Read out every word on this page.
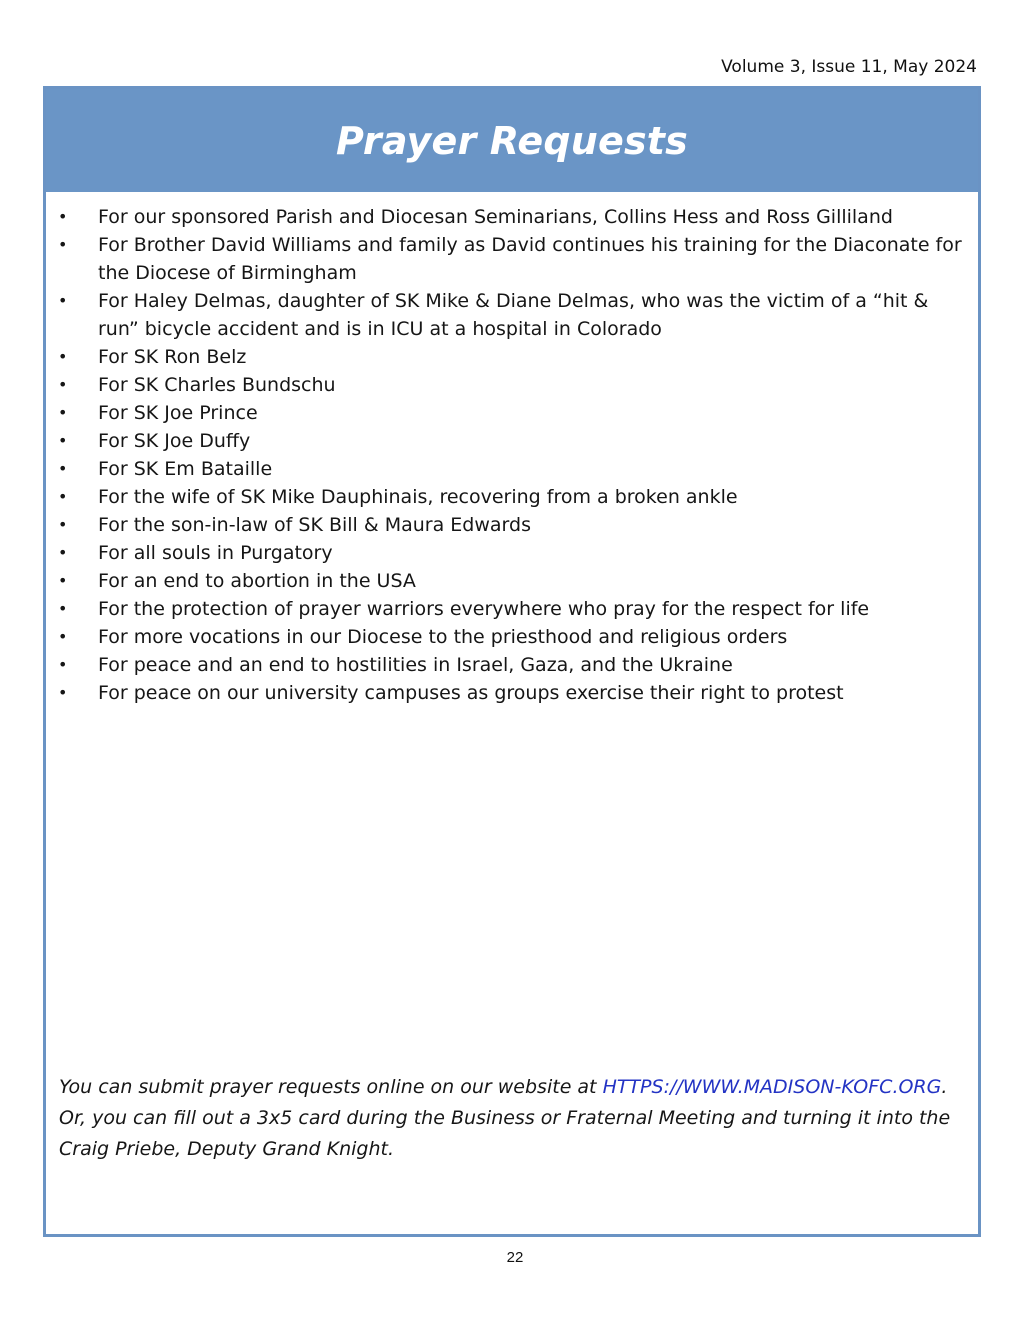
Volume 3, Issue 11, May 2024
Prayer Requests
• For our sponsored Parish and Diocesan Seminarians, Collins Hess and Ross Gilliland
• For Brother David Williams and family as David continues his training for the Diaconate for the Diocese of Birmingham
• For Haley Delmas, daughter of SK Mike & Diane Delmas, who was the victim of a “hit & run” bicycle accident and is in ICU at a hospital in Colorado
• For SK Ron Belz
• For SK Charles Bundschu
• For SK Joe Prince
• For SK Joe Duffy
• For SK Em Bataille
• For the wife of SK Mike Dauphinais, recovering from a broken ankle
• For the son-in-law of SK Bill & Maura Edwards
• For all souls in Purgatory
• For an end to abortion in the USA
• For the protection of prayer warriors everywhere who pray for the respect for life
• For more vocations in our Diocese to the priesthood and religious orders
• For peace and an end to hostilities in Israel, Gaza, and the Ukraine
• For peace on our university campuses as groups exercise their right to protest
You can submit prayer requests online on our website at HTTPS://WWW.MADISON-KOFC.ORG. Or, you can fill out a 3x5 card during the Business or Fraternal Meeting and turning it into the Craig Priebe, Deputy Grand Knight.
22
